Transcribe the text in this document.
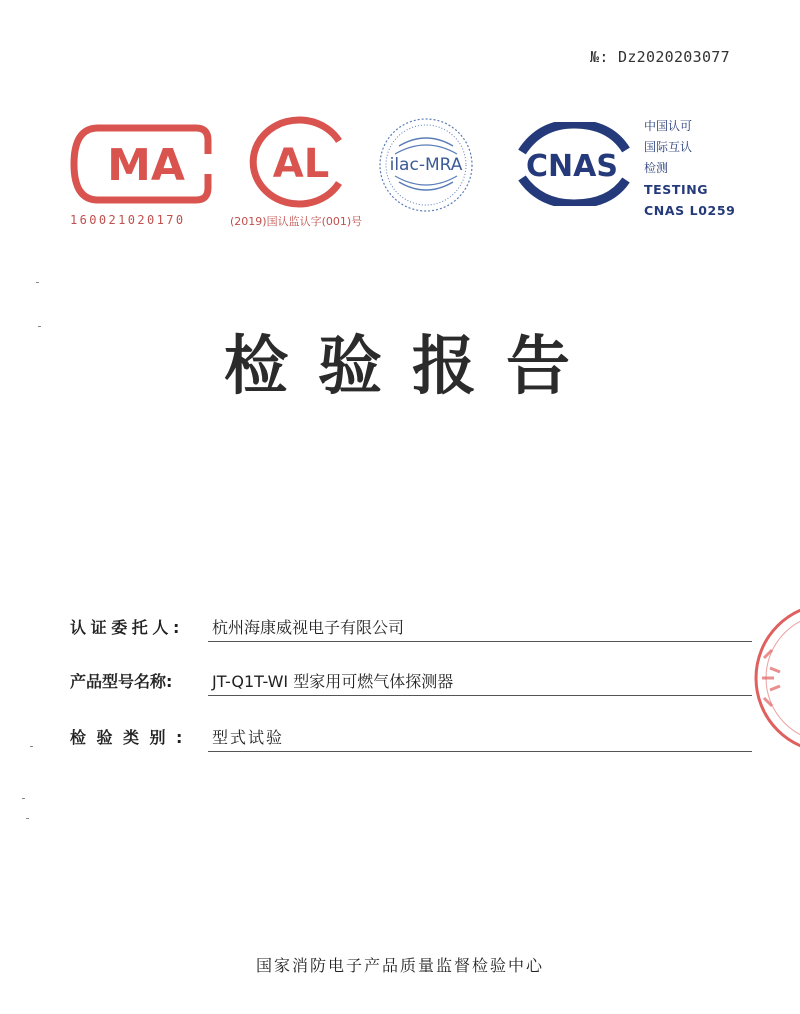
№: Dz2020203077
MA
160021020170
AL
(2019)国认监认字(001)号
ilac-MRA CNAS
中国认可
国际互认
检测
TESTING
CNAS L0259
检验报告
认证委托人: 杭州海康威视电子有限公司
产品型号名称: JT-Q1T-WI 型家用可燃气体探测器
检验类别: 型式试验
国家消防电子产品质量监督检验中心
